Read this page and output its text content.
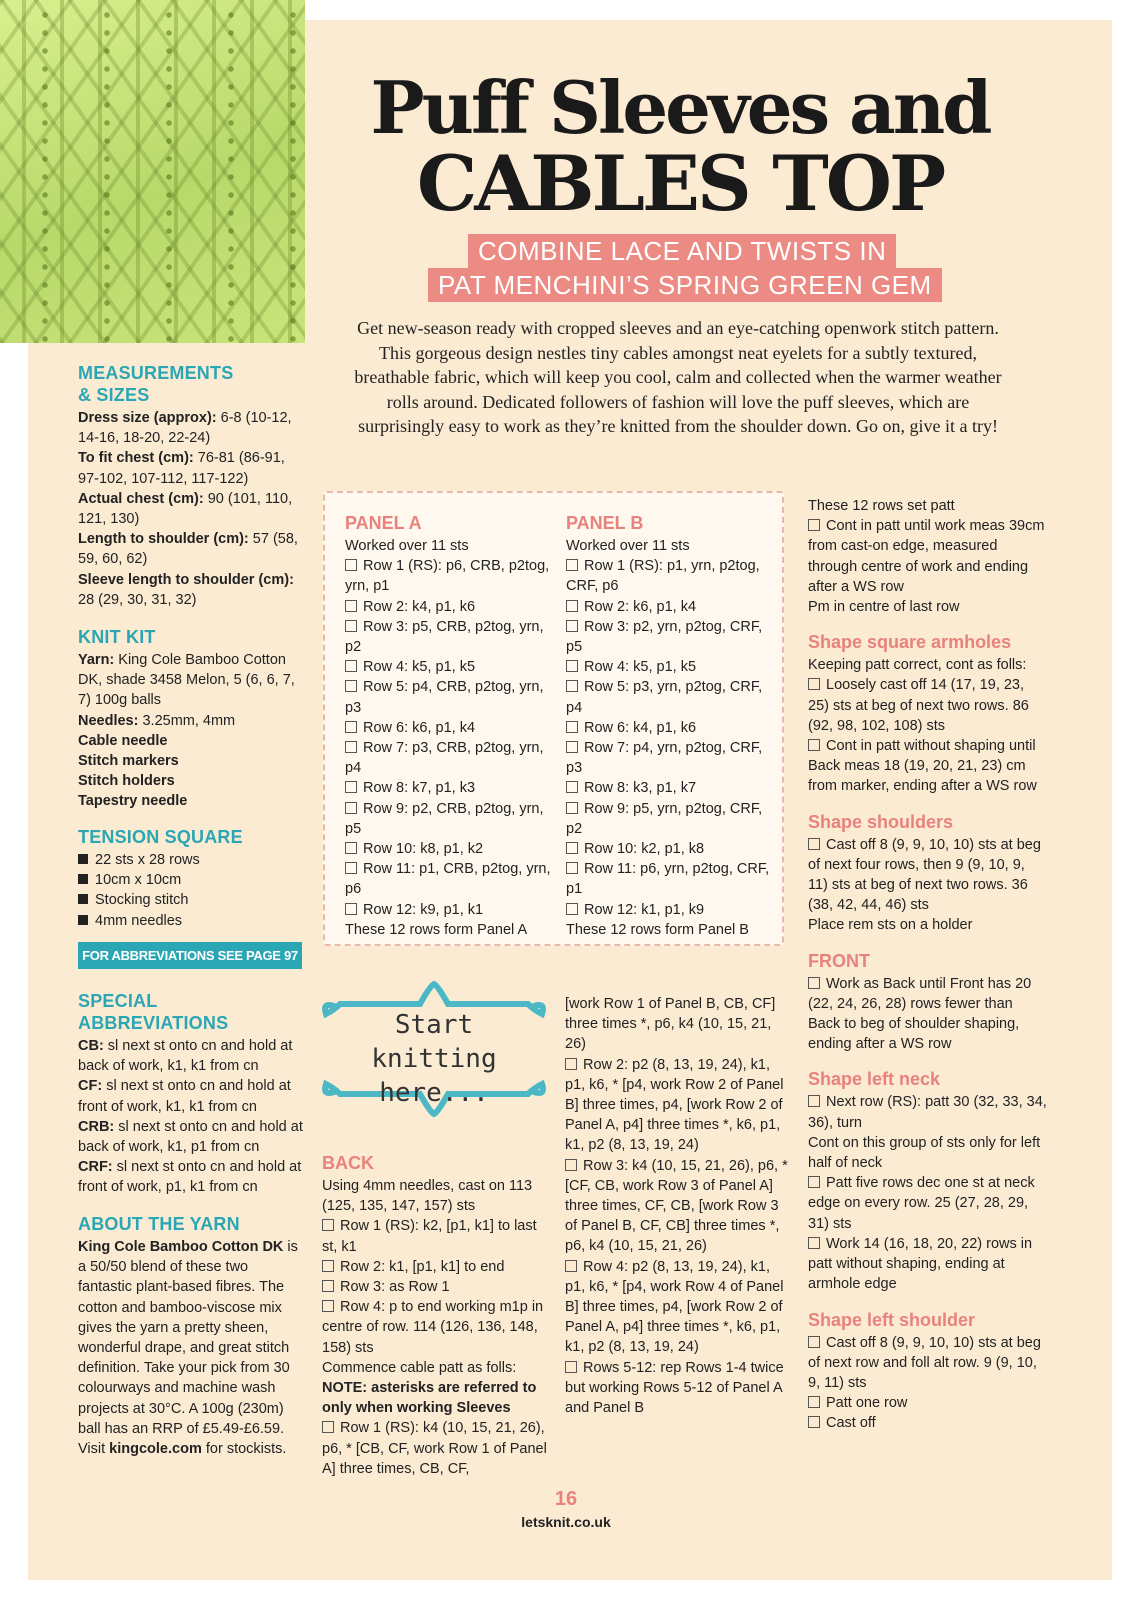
Puff Sleeves and
CABLES TOP
COMBINE LACE AND TWISTS IN
PAT MENCHINI’S SPRING GREEN GEM
Get new-season ready with cropped sleeves and an eye-catching openwork stitch pattern. This gorgeous design nestles tiny cables amongst neat eyelets for a subtly textured, breathable fabric, which will keep you cool, calm and collected when the warmer weather rolls around. Dedicated followers of fashion will love the puff sleeves, which are surprisingly easy to work as they’re knitted from the shoulder down. Go on, give it a try!
MEASUREMENTS
& SIZES

Dress size (approx): 6-8 (10-12, 14-16, 18-20, 22-24)

To fit chest (cm): 76-81 (86-91, 97-102, 107-112, 117-122)

Actual chest (cm): 90 (101, 110, 121, 130)

Length to shoulder (cm): 57 (58, 59, 60, 62)

Sleeve length to shoulder (cm): 28 (29, 30, 31, 32)

KNIT KIT

Yarn: King Cole Bamboo Cotton DK, shade 3458 Melon, 5 (6, 6, 7, 7) 100g balls

Needles: 3.25mm, 4mm

Cable needle

Stitch markers

Stitch holders

Tapestry needle

TENSION SQUARE

22 sts x 28 rows

10cm x 10cm

Stocking stitch

4mm needles

FOR ABBREVIATIONS SEE PAGE 97
SPECIAL
ABBREVIATIONS

CB: sl next st onto cn and hold at back of work, k1, k1 from cn

CF: sl next st onto cn and hold at front of work, k1, k1 from cn

CRB: sl next st onto cn and hold at back of work, k1, p1 from cn

CRF: sl next st onto cn and hold at front of work, p1, k1 from cn

ABOUT THE YARN

King Cole Bamboo Cotton DK is a 50/50 blend of these two fantastic plant-based fibres. The cotton and bamboo-viscose mix gives the yarn a pretty sheen, wonderful drape, and great stitch definition. Take your pick from 30 colourways and machine wash projects at 30°C. A 100g (230m) ball has an RRP of £5.49-£6.59. Visit kingcole.com for stockists.

PANEL A

Worked over 11 sts

Row 1 (RS): p6, CRB, p2tog, yrn, p1

Row 2: k4, p1, k6

Row 3: p5, CRB, p2tog, yrn, p2

Row 4: k5, p1, k5

Row 5: p4, CRB, p2tog, yrn, p3

Row 6: k6, p1, k4

Row 7: p3, CRB, p2tog, yrn, p4

Row 8: k7, p1, k3

Row 9: p2, CRB, p2tog, yrn, p5

Row 10: k8, p1, k2

Row 11: p1, CRB, p2tog, yrn, p6

Row 12: k9, p1, k1

These 12 rows form Panel A

PANEL B

Worked over 11 sts

Row 1 (RS): p1, yrn, p2tog, CRF, p6

Row 2: k6, p1, k4

Row 3: p2, yrn, p2tog, CRF, p5

Row 4: k5, p1, k5

Row 5: p3, yrn, p2tog, CRF, p4

Row 6: k4, p1, k6

Row 7: p4, yrn, p2tog, CRF, p3

Row 8: k3, p1, k7

Row 9: p5, yrn, p2tog, CRF, p2

Row 10: k2, p1, k8

Row 11: p6, yrn, p2tog, CRF, p1

Row 12: k1, p1, k9

These 12 rows form Panel B

Start
knitting
here...
BACK

Using 4mm needles, cast on 113 (125, 135, 147, 157) sts

Row 1 (RS): k2, [p1, k1] to last st, k1

Row 2: k1, [p1, k1] to end

Row 3: as Row 1

Row 4: p to end working m1p in centre of row. 114 (126, 136, 148, 158) sts

Commence cable patt as folls:

NOTE: asterisks are referred to only when working Sleeves

Row 1 (RS): k4 (10, 15, 21, 26), p6, * [CB, CF, work Row 1 of Panel A] three times, CB, CF,

[work Row 1 of Panel B, CB, CF] three times *, p6, k4 (10, 15, 21, 26)

Row 2: p2 (8, 13, 19, 24), k1, p1, k6, * [p4, work Row 2 of Panel B] three times, p4, [work Row 2 of Panel A, p4] three times *, k6, p1, k1, p2 (8, 13, 19, 24)

Row 3: k4 (10, 15, 21, 26), p6, * [CF, CB, work Row 3 of Panel A] three times, CF, CB, [work Row 3 of Panel B, CF, CB] three times *, p6, k4 (10, 15, 21, 26)

Row 4: p2 (8, 13, 19, 24), k1, p1, k6, * [p4, work Row 4 of Panel B] three times, p4, [work Row 2 of Panel A, p4] three times *, k6, p1, k1, p2 (8, 13, 19, 24)

Rows 5-12: rep Rows 1-4 twice but working Rows 5-12 of Panel A and Panel B

These 12 rows set patt

Cont in patt until work meas 39cm from cast-on edge, measured through centre of work and ending after a WS row

Pm in centre of last row

Shape square armholes

Keeping patt correct, cont as folls:

Loosely cast off 14 (17, 19, 23, 25) sts at beg of next two rows. 86 (92, 98, 102, 108) sts

Cont in patt without shaping until Back meas 18 (19, 20, 21, 23) cm from marker, ending after a WS row

Shape shoulders

Cast off 8 (9, 9, 10, 10) sts at beg of next four rows, then 9 (9, 10, 9, 11) sts at beg of next two rows. 36 (38, 42, 44, 46) sts

Place rem sts on a holder

FRONT

Work as Back until Front has 20 (22, 24, 26, 28) rows fewer than Back to beg of shoulder shaping, ending after a WS row

Shape left neck

Next row (RS): patt 30 (32, 33, 34, 36), turn

Cont on this group of sts only for left half of neck

Patt five rows dec one st at neck edge on every row. 25 (27, 28, 29, 31) sts

Work 14 (16, 18, 20, 22) rows in patt without shaping, ending at armhole edge

Shape left shoulder

Cast off 8 (9, 9, 10, 10) sts at beg of next row and foll alt row. 9 (9, 10, 9, 11) sts

Patt one row

Cast off

16
letsknit.co.uk
